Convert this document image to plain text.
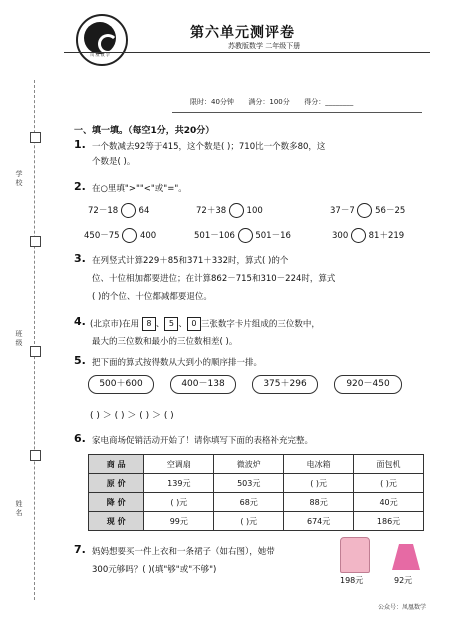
学 校
班 级
姓 名
凤 凰 数 学
第六单元测评卷
苏教版数学 二年级下册
限时：40分钟 满分：100分 得分：________
一、填一填。（每空1分，共20分）
1. 一个数减去92等于415，这个数是( )；710比一个数多80，这
个数是( )。
2. 在○里填">""<"或"="。
72－18 64	72＋38 100	37－7 56－25
450－75 400	501－106 501－16	300 81＋219
3. 在列竖式计算229＋85和371＋332时，算式( )的个
位、十位相加都要进位；在计算862－715和310－224时，算式
( )的个位、十位都减都要退位。
4. (北京市)在用 8 、 5 、 0 三张数字卡片组成的三位数中，
最大的三位数和最小的三位数相差( )。
5. 把下面的算式按得数从大到小的顺序排一排。
500＋600	400－138	375＋296	920－450
( ) ＞ ( ) ＞ ( ) ＞ ( )
6. 家电商场促销活动开始了！请你填写下面的表格补充完整。
商 品	空调扇	微波炉	电冰箱	面包机
原 价	139元	503元	( )元	( )元
降 价	( )元	68元	88元	40元
现 价	99元	( )元	674元	186元
7. 妈妈想要买一件上衣和一条裙子（如右图），她带
300元够吗？( )(填"够"或"不够")
198元	92元
公众号：凤凰数学
